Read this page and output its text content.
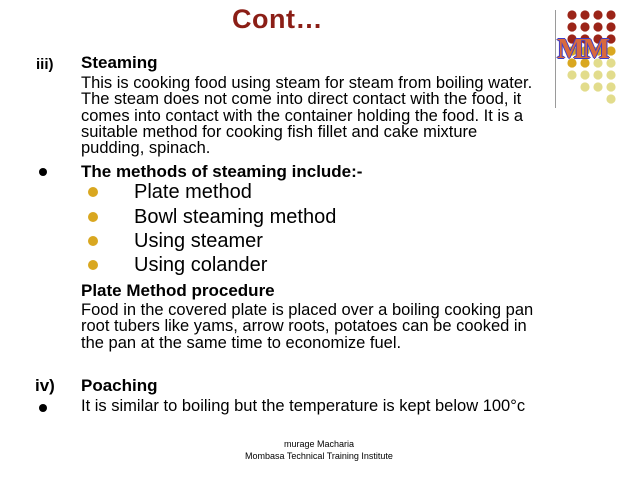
Cont…
MM
iii) Steaming
This is cooking food using steam for steam from boiling water.
The steam does not come into direct contact with the food, it
comes into contact with the container holding the food. It is a
suitable method for cooking fish fillet and cake mixture
pudding, spinach.
The methods of steaming include:-
Plate method
Bowl steaming method
Using steamer
Using colander
Plate Method procedure
Food in the covered plate is placed over a boiling cooking pan
root tubers like yams, arrow roots, potatoes can be cooked in
the pan at the same time to economize fuel.
iv) Poaching
It is similar to boiling but the temperature is kept below 100°c
murage Macharia
Mombasa Technical Training Institute
